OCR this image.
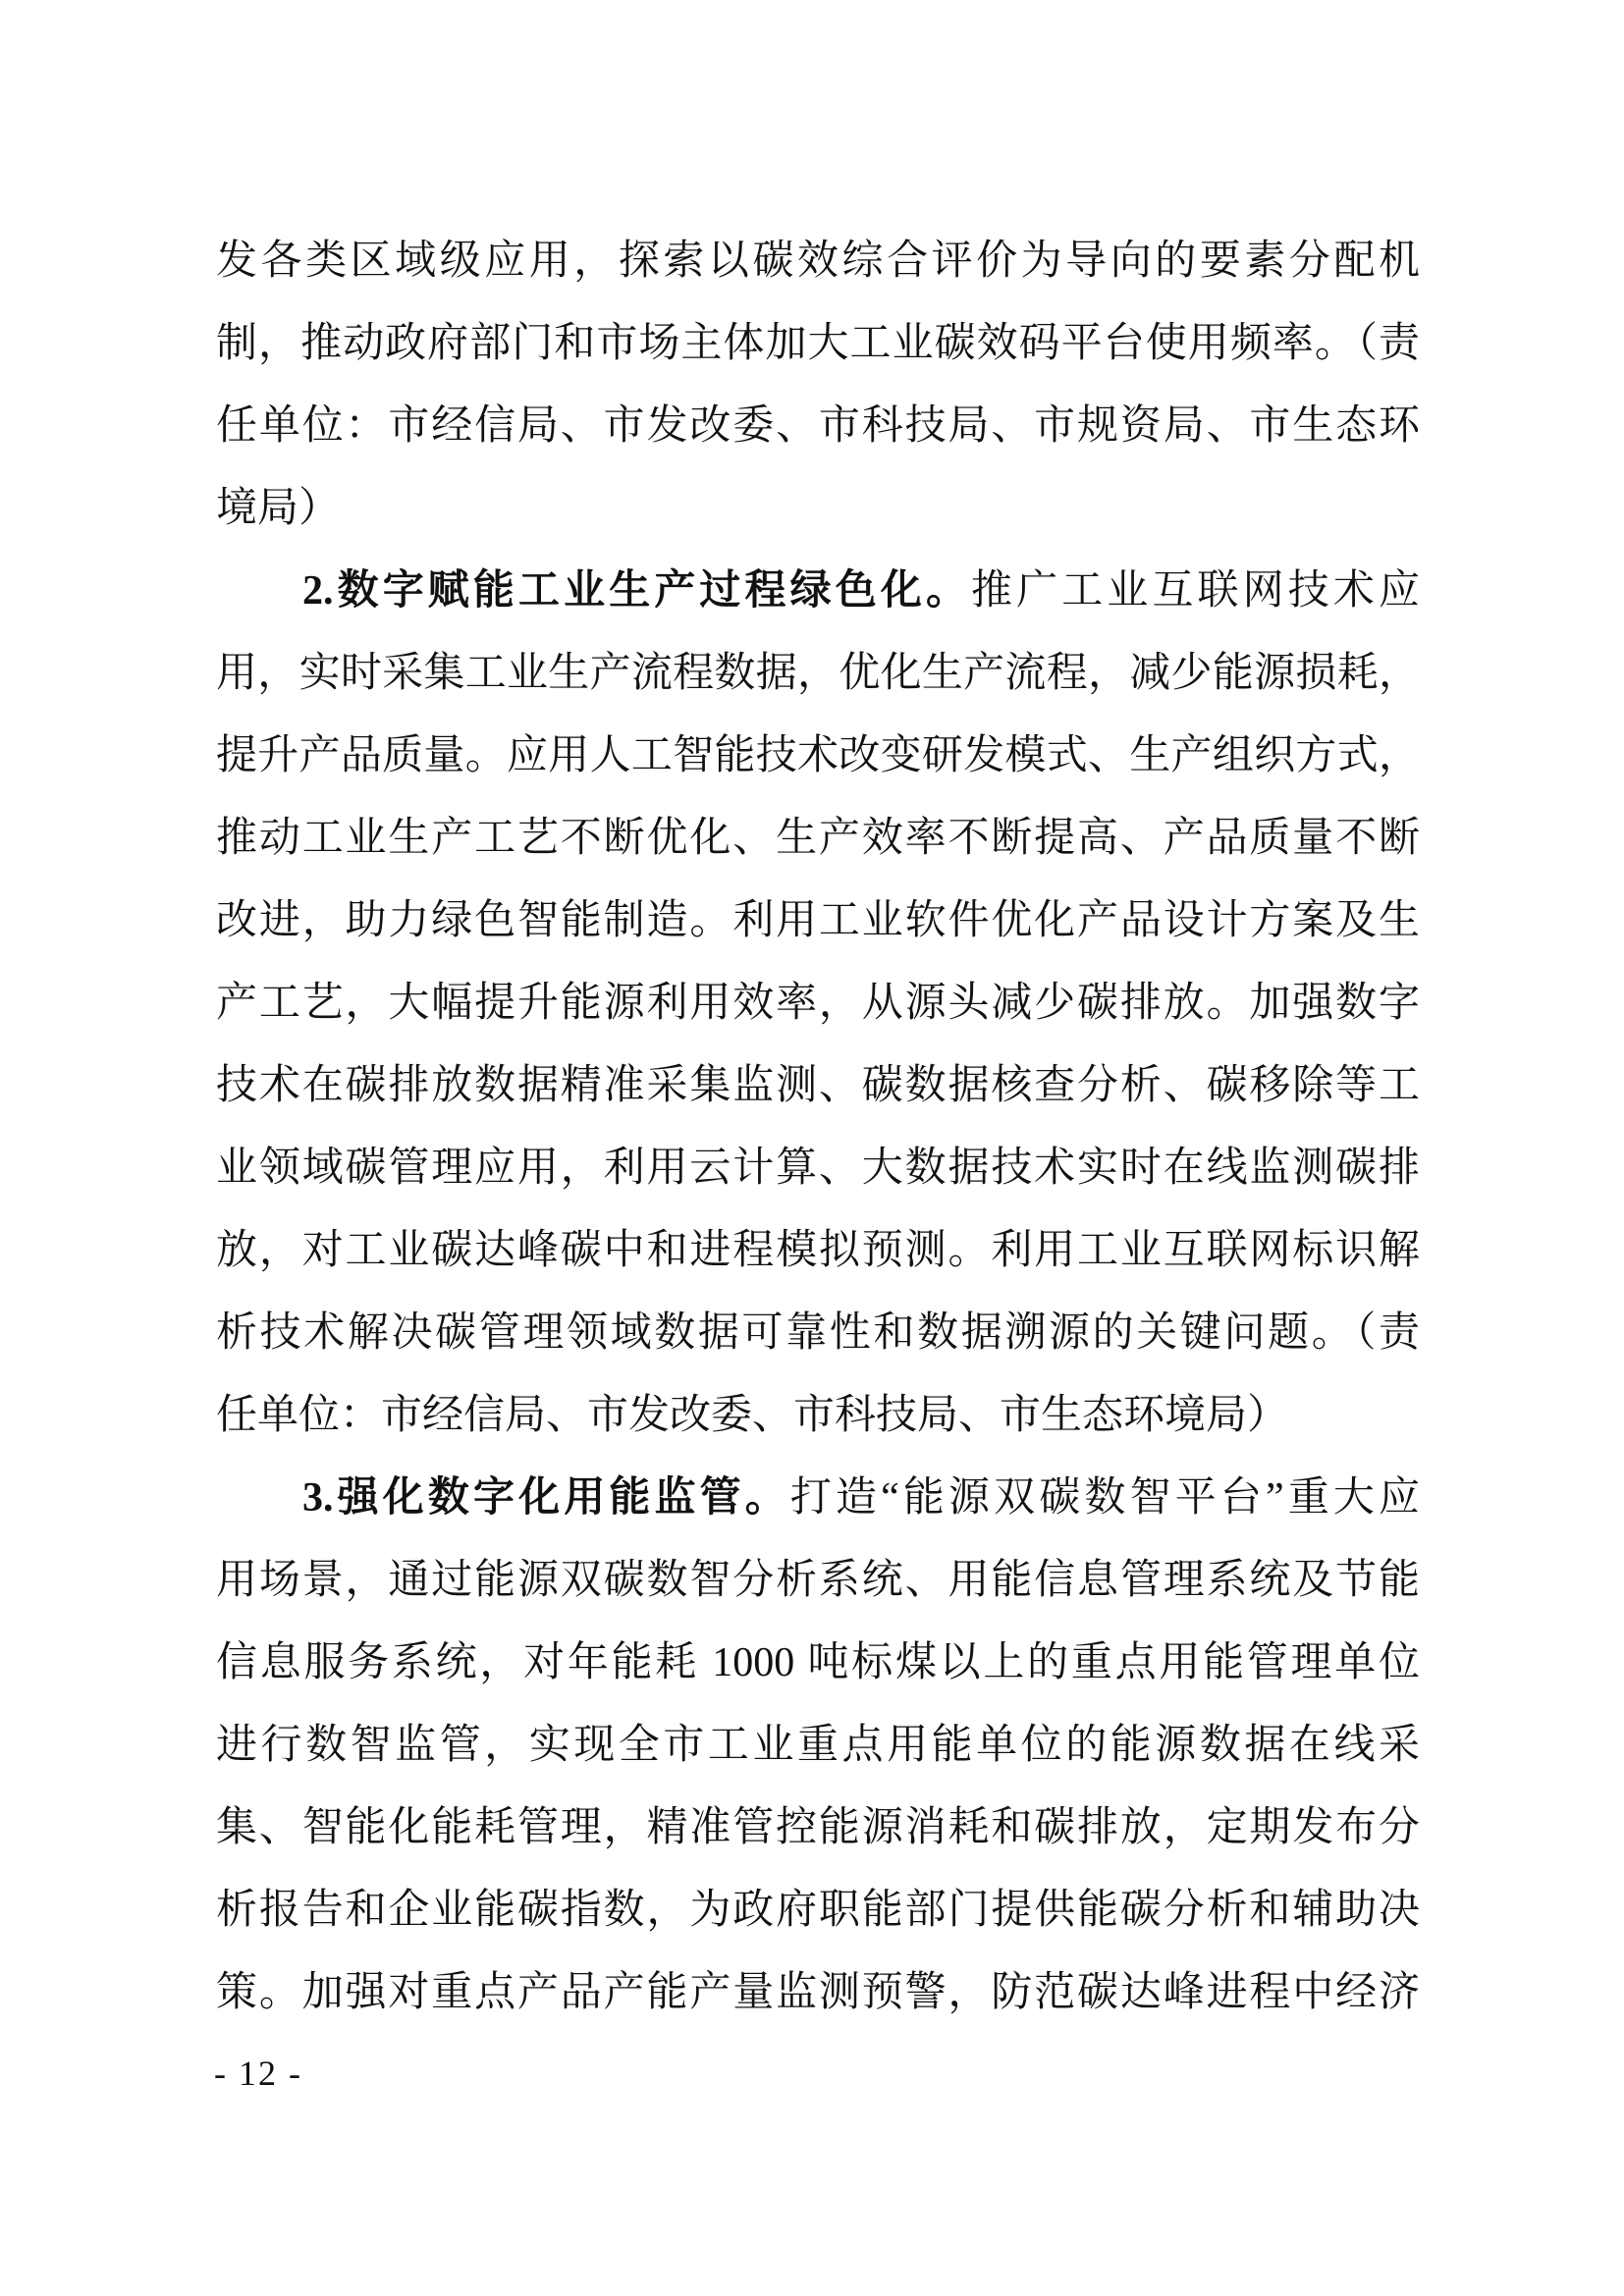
发各类区域级应用，探索以碳效综合评价为导向的要素分配机
制，推动政府部门和市场主体加大工业碳效码平台使用频率。（责
任单位：市经信局、市发改委、市科技局、市规资局、市生态环
境局）
2.数字赋能工业生产过程绿色化。推广工业互联网技术应
用，实时采集工业生产流程数据，优化生产流程，减少能源损耗，
提升产品质量。应用人工智能技术改变研发模式、生产组织方式，
推动工业生产工艺不断优化、生产效率不断提高、产品质量不断
改进，助力绿色智能制造。利用工业软件优化产品设计方案及生
产工艺，大幅提升能源利用效率，从源头减少碳排放。加强数字
技术在碳排放数据精准采集监测、碳数据核查分析、碳移除等工
业领域碳管理应用，利用云计算、大数据技术实时在线监测碳排
放，对工业碳达峰碳中和进程模拟预测。利用工业互联网标识解
析技术解决碳管理领域数据可靠性和数据溯源的关键问题。（责
任单位：市经信局、市发改委、市科技局、市生态环境局）
3.强化数字化用能监管。打造“能源双碳数智平台”重大应
用场景，通过能源双碳数智分析系统、用能信息管理系统及节能
信息服务系统，对年能耗 1000 吨标煤以上的重点用能管理单位
进行数智监管，实现全市工业重点用能单位的能源数据在线采
集、智能化能耗管理，精准管控能源消耗和碳排放，定期发布分
析报告和企业能碳指数，为政府职能部门提供能碳分析和辅助决
策。加强对重点产品产能产量监测预警，防范碳达峰进程中经济
- 12 -
